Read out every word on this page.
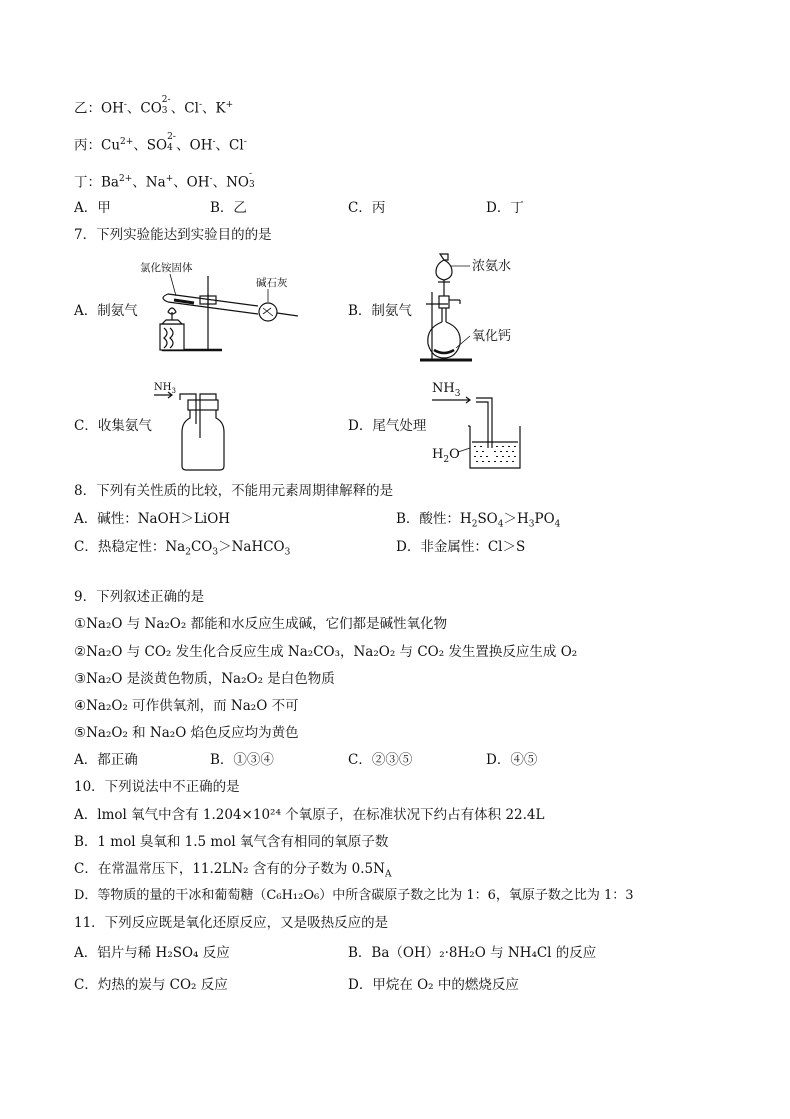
乙：OH-、CO
2-
3 、Cl-、K+
丙：$Cu^{2+}$、SO
2-
4 、OH-、Cl-
丁：$Ba^{2+}$、Na+、OH-、NO
-
3
A．甲	B．乙	C．丙	D．丁
7．下列实验能达到实验目的的是
A．制氨气	B．制氨气
C．收集氨气	D．尾气处理
氯化铵固体
碱石灰
浓氨水
氧化钙
$NH_3$	$NH_3$
$H_2O$
8．下列有关性质的比较，不能用元素周期律解释的是
A．碱性：NaOH＞LiOH	B．酸性：$H_2SO_4>H_3PO_4$
C．热稳定性：$Na_2CO_3>NaHCO_3$	D．非金属性：Cl＞S
9．下列叙述正确的是
①Na₂O 与 Na₂O₂ 都能和水反应生成碱，它们都是碱性氧化物
②Na₂O 与 CO₂ 发生化合反应生成 Na₂CO₃，Na₂O₂ 与 CO₂ 发生置换反应生成 O₂
③Na₂O 是淡黄色物质，Na₂O₂ 是白色物质
④Na₂O₂ 可作供氧剂，而 Na₂O 不可
⑤Na₂O₂ 和 Na₂O 焰色反应均为黄色
A．都正确	B．①③④	C．②③⑤	D．④⑤
10．下列说法中不正确的是
A．lmol 氧气中含有 1.204×10²⁴ 个氧原子，在标准状况下约占有体积 22.4L
B．1 mol 臭氧和 1.5 mol 氧气含有相同的氧原子数
C．在常温常压下，11.2LN₂ 含有的分子数为 $0.5N_A$
D．等物质的量的干冰和葡萄糖（C₆H₁₂O₆）中所含碳原子数之比为 1：6，氧原子数之比为 1：3
11．下列反应既是氧化还原反应，又是吸热反应的是
A．铝片与稀 H₂SO₄ 反应	B．Ba（OH）₂·8H₂O 与 NH₄Cl 的反应
C．灼热的炭与 CO₂ 反应	D．甲烷在 O₂ 中的燃烧反应
